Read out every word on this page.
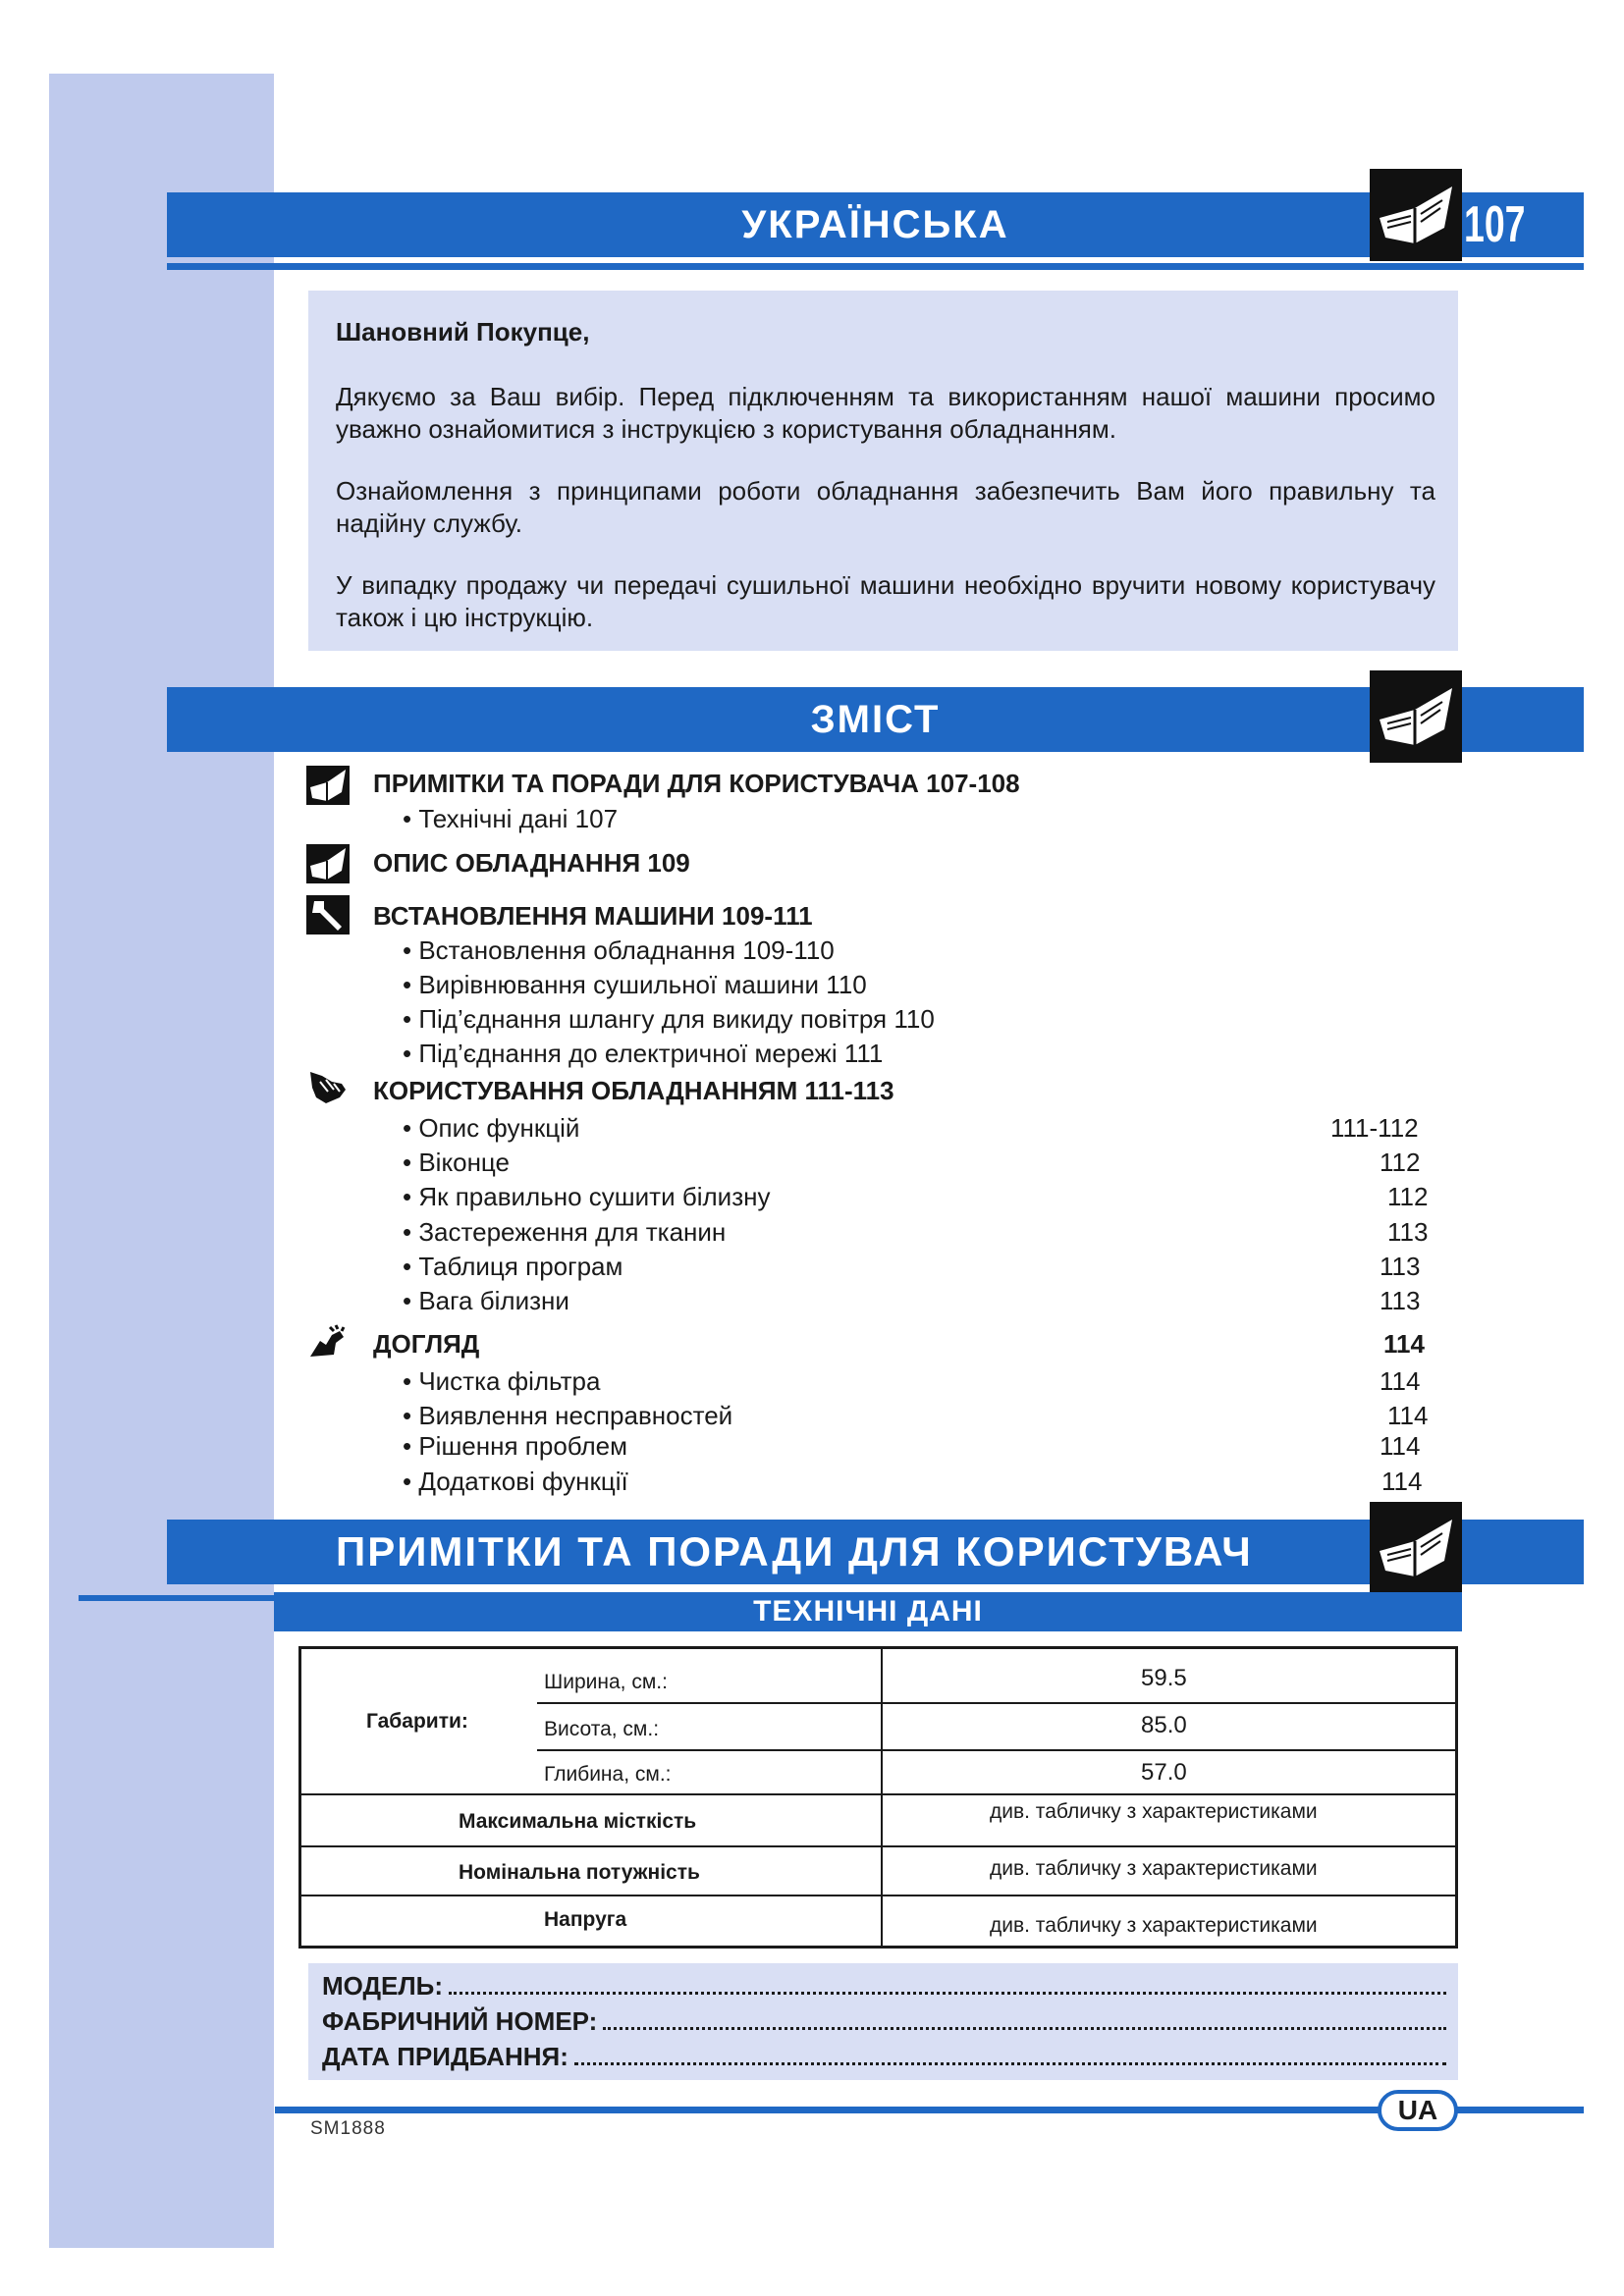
УКРАЇНСЬКА	107

Шановний Покупце,

Дякуємо за Ваш вибір. Перед підключенням та використанням нашої машини просимо уважно ознайомитися з інструкцією з користування обладнанням.

Ознайомлення з принципами роботи обладнання забезпечить Вам його правильну та надійну службу.

У випадку продажу чи передачі сушильної машини необхідно вручити новому користувачу також і цю інструкцію.

ЗМІСТ
ПРИМІТКИ ТА ПОРАДИ ДЛЯ КОРИСТУВАЧА 107-108
• Технічні дані 107
ОПИС ОБЛАДНАННЯ 109
ВСТАНОВЛЕННЯ МАШИНИ 109-111
• Встановлення обладнання 109-110
• Вирівнювання сушильної машини 110
• Під’єднання шлангу для викиду повітря 110
• Під’єднання до електричної мережі 111
КОРИСТУВАННЯ ОБЛАДНАННЯМ 111-113
• Опис функцій	111-112
• Віконце	112
• Як правильно сушити білизну	112
• Застереження для тканин	113
• Таблиця програм	113
• Вага білизни	113
ДОГЛЯД	114
• Чистка фільтра	114
• Виявлення несправностей	114
• Рішення проблем	114
• Додаткові функції	114
ПРИМІТКИ ТА ПОРАДИ ДЛЯ КОРИСТУВАЧ
ТЕХНІЧНІ ДАНІ
Габарити:
Ширина, см.:	59.5
Висота, см.:	85.0
Глибина, см.:	57.0
Максимальна місткість	див. табличку з характеристиками
Номінальна потужність	див. табличку з характеристиками
Напруга	див. табличку з характеристиками
МОДЕЛЬ:
ФАБРИЧНИЙ НОМЕР:
ДАТА ПРИДБАННЯ:
UA
SM1888
